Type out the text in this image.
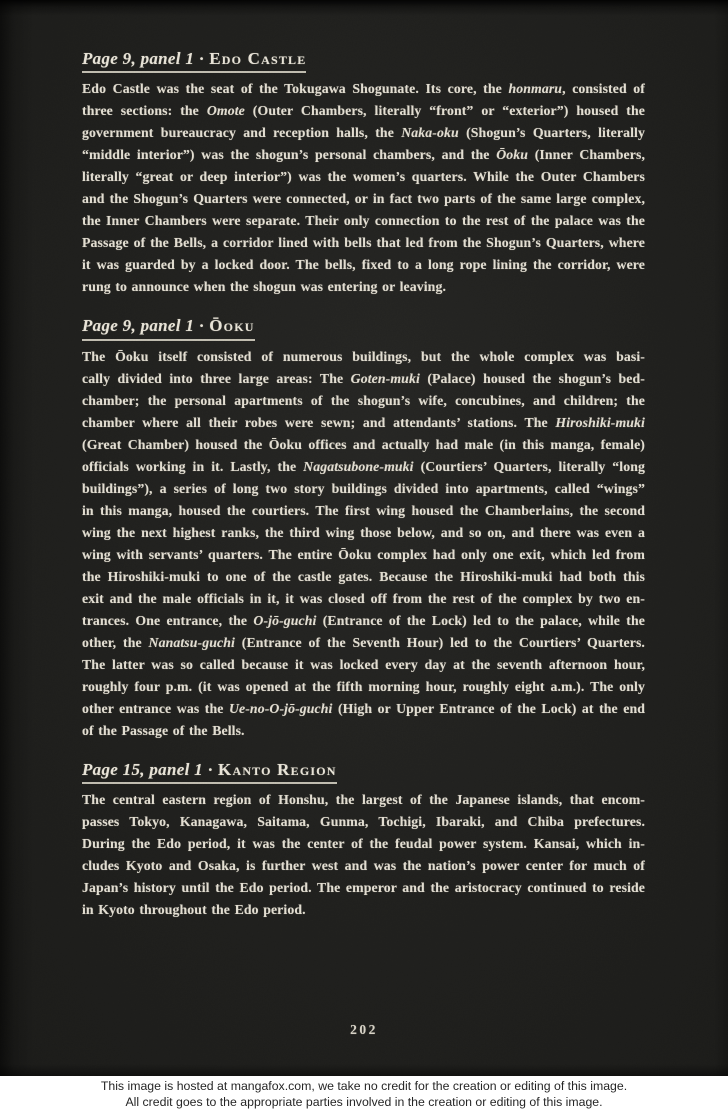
Page 9, panel 1 · Edo Castle

Edo Castle was the seat of the Tokugawa Shogunate. Its core, the honmaru, consisted of
three sections: the Omote (Outer Chambers, literally “front” or “exterior”) housed the
government bureaucracy and reception halls, the Naka-oku (Shogun’s Quarters, literally
“middle interior”) was the shogun’s personal chambers, and the Ōoku (Inner Chambers,
literally “great or deep interior”) was the women’s quarters. While the Outer Chambers
and the Shogun’s Quarters were connected, or in fact two parts of the same large complex,
the Inner Chambers were separate. Their only connection to the rest of the palace was the
Passage of the Bells, a corridor lined with bells that led from the Shogun’s Quarters, where
it was guarded by a locked door. The bells, fixed to a long rope lining the corridor, were
rung to announce when the shogun was entering or leaving.

Page 9, panel 1 · Ōoku

The Ōoku itself consisted of numerous buildings, but the whole complex was basi-
cally divided into three large areas: The Goten-muki (Palace) housed the shogun’s bed-
chamber; the personal apartments of the shogun’s wife, concubines, and children; the
chamber where all their robes were sewn; and attendants’ stations. The Hiroshiki-muki
(Great Chamber) housed the Ōoku offices and actually had male (in this manga, female)
officials working in it. Lastly, the Nagatsubone-muki (Courtiers’ Quarters, literally “long
buildings”), a series of long two story buildings divided into apartments, called “wings”
in this manga, housed the courtiers. The first wing housed the Chamberlains, the second
wing the next highest ranks, the third wing those below, and so on, and there was even a
wing with servants’ quarters. The entire Ōoku complex had only one exit, which led from
the Hiroshiki-muki to one of the castle gates. Because the Hiroshiki-muki had both this
exit and the male officials in it, it was closed off from the rest of the complex by two en-
trances. One entrance, the O-jō-guchi (Entrance of the Lock) led to the palace, while the
other, the Nanatsu-guchi (Entrance of the Seventh Hour) led to the Courtiers’ Quarters.
The latter was so called because it was locked every day at the seventh afternoon hour,
roughly four p.m. (it was opened at the fifth morning hour, roughly eight a.m.). The only
other entrance was the Ue-no-O-jō-guchi (High or Upper Entrance of the Lock) at the end
of the Passage of the Bells.

Page 15, panel 1 · Kanto Region

The central eastern region of Honshu, the largest of the Japanese islands, that encom-
passes Tokyo, Kanagawa, Saitama, Gunma, Tochigi, Ibaraki, and Chiba prefectures.
During the Edo period, it was the center of the feudal power system. Kansai, which in-
cludes Kyoto and Osaka, is further west and was the nation’s power center for much of
Japan’s history until the Edo period. The emperor and the aristocracy continued to reside
in Kyoto throughout the Edo period.

202
This image is hosted at mangafox.com, we take no credit for the creation or editing of this image.
All credit goes to the appropriate parties involved in the creation or editing of this image.
